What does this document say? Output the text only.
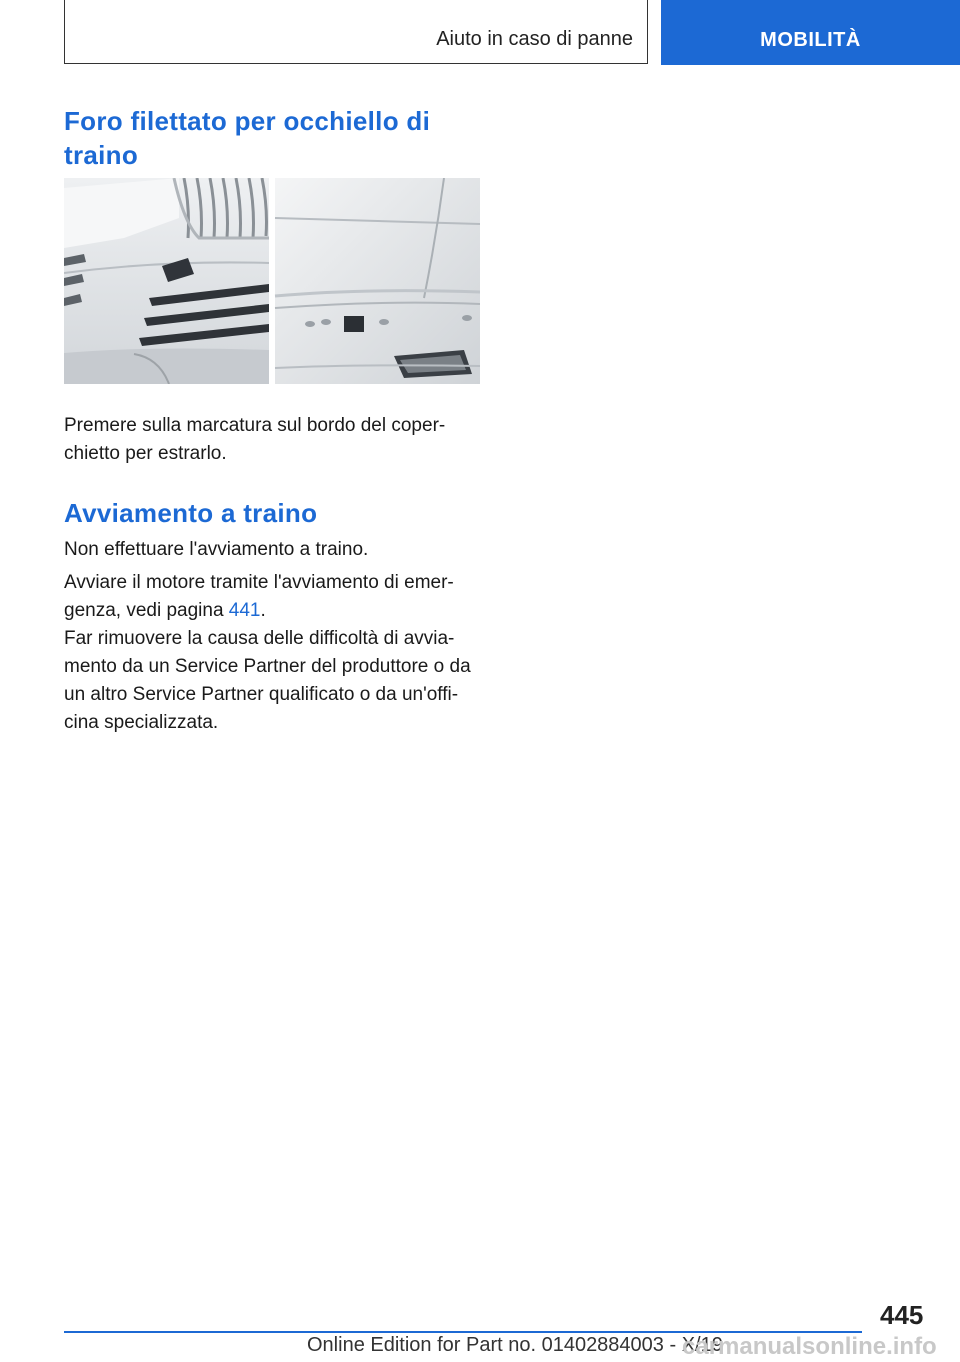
Aiuto in caso di panne	MOBILITÀ
Foro filettato per occhiello di traino

Premere sulla marcatura sul bordo del coper-chietto per estrarlo.

Avviamento a traino

Non effettuare l'avviamento a traino.

Avviare il motore tramite l'avviamento di emer-genza, vedi pagina 441.

Far rimuovere la causa delle difficoltà di avvia-mento da un Service Partner del produttore o da un altro Service Partner qualificato o da un'offi-cina specializzata.

445
Online Edition for Part no. 01402884003 - X/19
carmanualsonline.info
